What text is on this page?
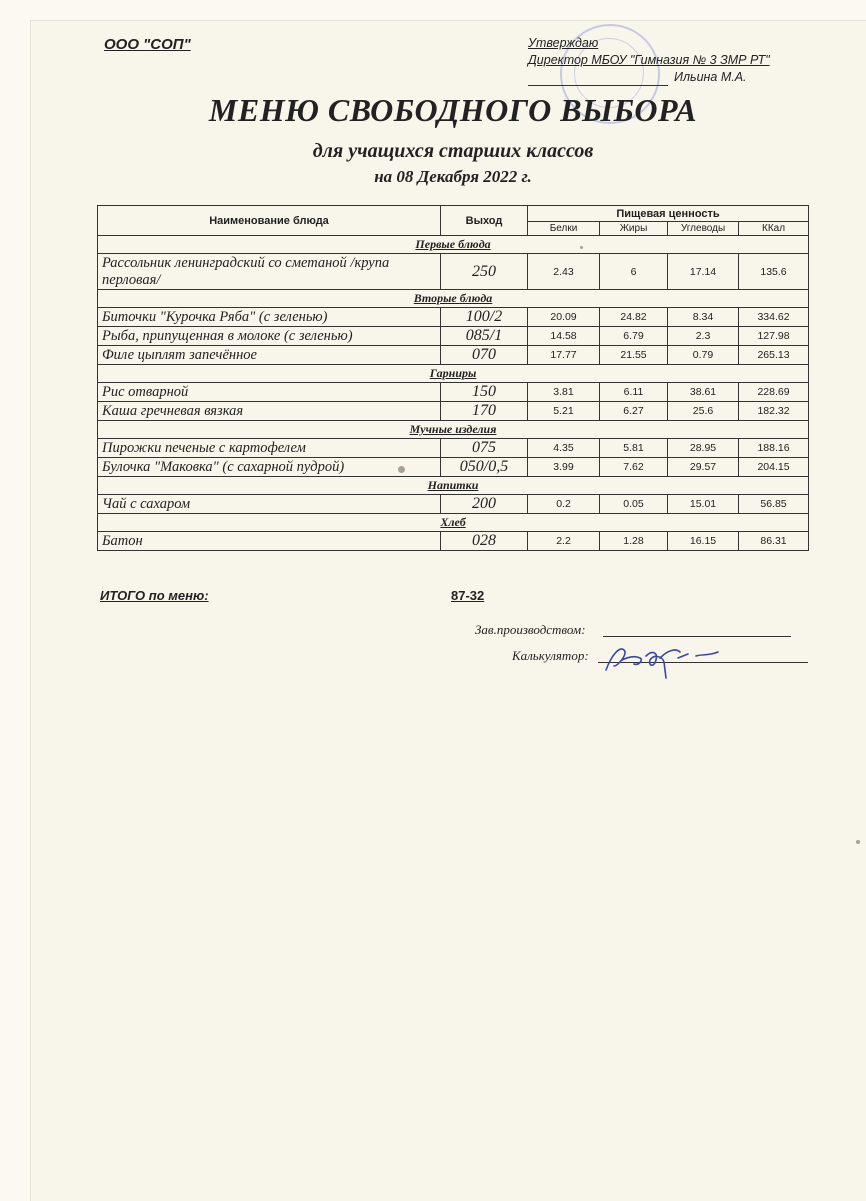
ООО "СОП"	Утверждаю
Директор МБОУ "Гимназия № 3 ЗМР РТ"
Ильина М.А.
МЕНЮ СВОБОДНОГО ВЫБОРА
для учащихся старших классов
на 08 Декабря 2022 г.
Наименование блюда	Выход	Пищевая ценность			
		Белки	Жиры	Углеводы	ККал
Первые блюда					
Рассольник ленинградский со сметаной /крупа перловая/	250	2.43	6	17.14	135.6
Вторые блюда					
Биточки "Курочка Ряба" (с зеленью)	100/2	20.09	24.82	8.34	334.62
Рыба, припущенная в молоке (с зеленью)	085/1	14.58	6.79	2.3	127.98
Филе цыплят запечённое	070	17.77	21.55	0.79	265.13
Гарниры					
Рис отварной	150	3.81	6.11	38.61	228.69
Каша гречневая вязкая	170	5.21	6.27	25.6	182.32
Мучные изделия					
Пирожки печеные с картофелем	075	4.35	5.81	28.95	188.16
Булочка "Маковка" (с сахарной пудрой)	050/0,5	3.99	7.62	29.57	204.15
Напитки					
Чай с сахаром	200	0.2	0.05	15.01	56.85
Хлеб					
Батон	028	2.2	1.28	16.15	86.31
ИТОГО по меню:	87-32
Зав.производством:
Калькулятор:
